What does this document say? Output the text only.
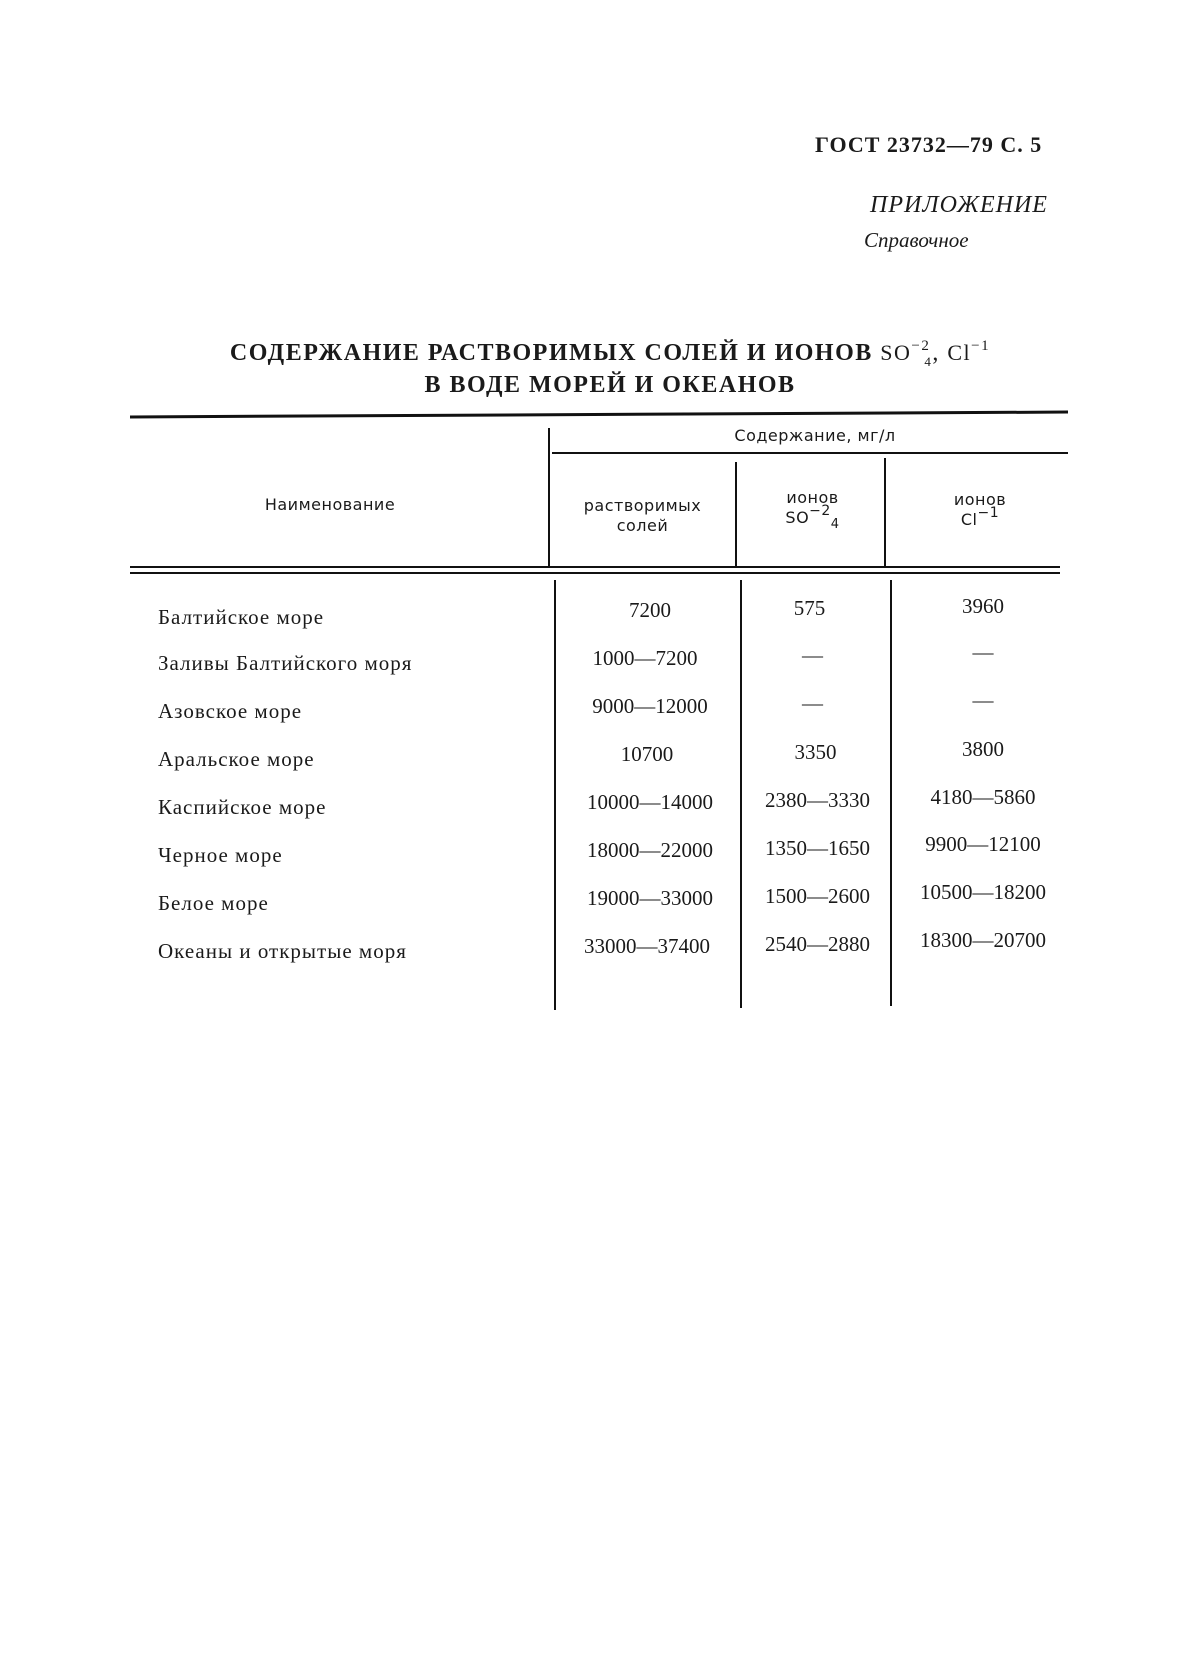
ГОСТ 23732—79 С. 5
ПРИЛОЖЕНИЕ
Справочное
СОДЕРЖАНИЕ РАСТВОРИМЫХ СОЛЕЙ И ИОНОВ $SO^{-2}_4$, $Cl^{-1}$
В ВОДЕ МОРЕЙ И ОКЕАНОВ
Наименование
Содержание, мг/л
растворимых
солей
ионов
$SO-2_4$
ионов
Cl−1
Балтийское море	7200	575	3960
Заливы Балтийского моря	1000—7200	—	—
Азовское море	9000—12000	—	—
Аральское море	10700	3350	3800
Каспийское море	10000—14000	2380—3330	4180—5860
Черное море	18000—22000	1350—1650	9900—12100
Белое море	19000—33000	1500—2600	10500—18200
Океаны и открытые моря	33000—37400	2540—2880	18300—20700
